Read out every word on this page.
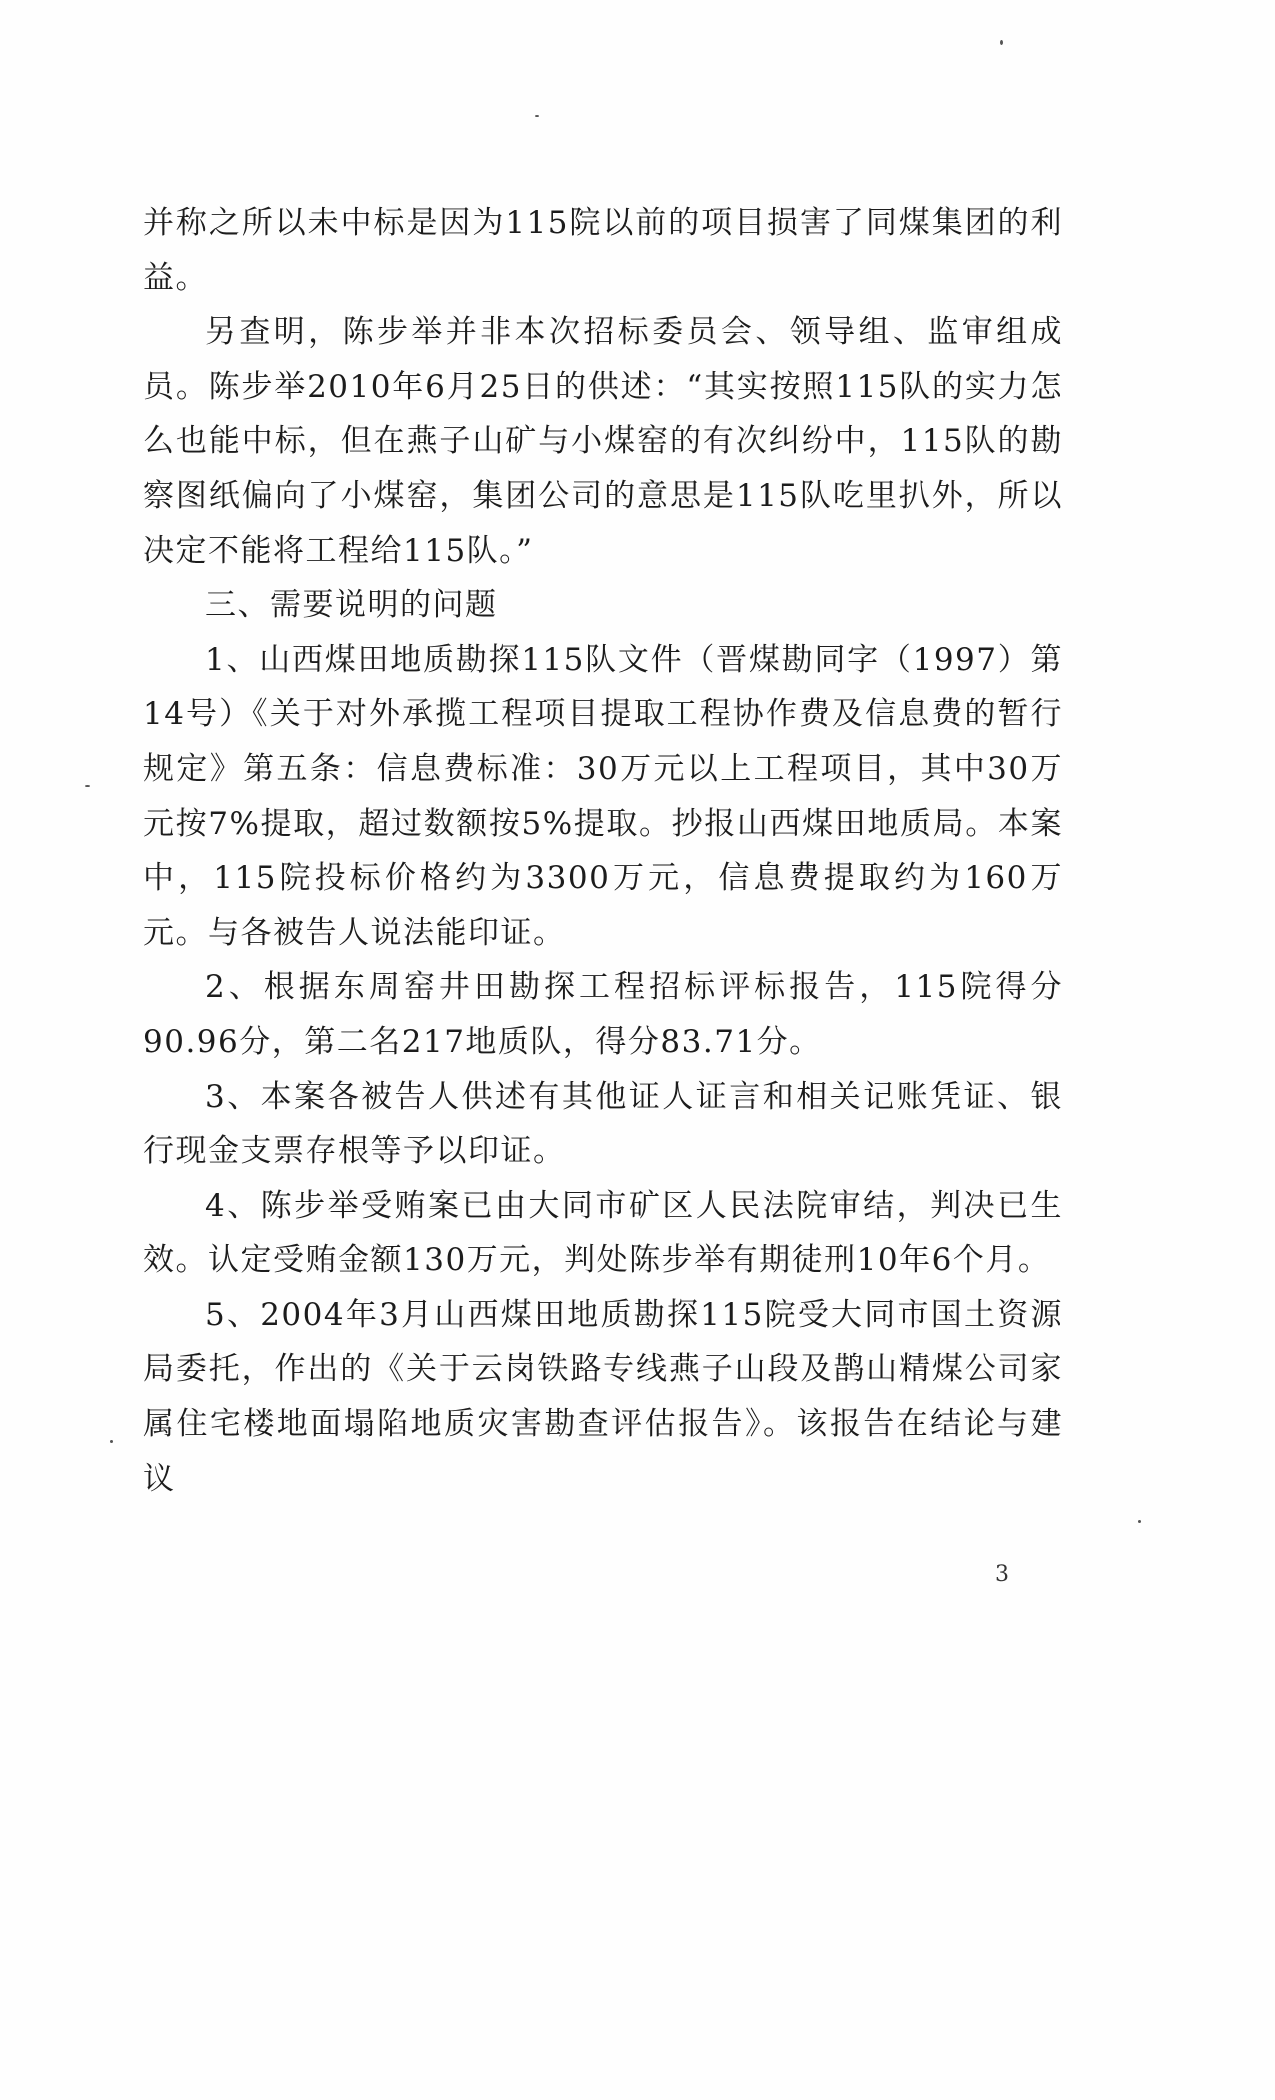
并称之所以未中标是因为115院以前的项目损害了同煤集团的利益。

另查明，陈步举并非本次招标委员会、领导组、监审组成员。陈步举2010年6月25日的供述：“其实按照115队的实力怎么也能中标，但在燕子山矿与小煤窑的有次纠纷中，115队的勘察图纸偏向了小煤窑，集团公司的意思是115队吃里扒外，所以决定不能将工程给115队。”

三、需要说明的问题

1、山西煤田地质勘探115队文件（晋煤勘同字（1997）第14号）《关于对外承揽工程项目提取工程协作费及信息费的暂行规定》第五条：信息费标准：30万元以上工程项目，其中30万元按7%提取，超过数额按5%提取。抄报山西煤田地质局。本案中，115院投标价格约为3300万元，信息费提取约为160万元。与各被告人说法能印证。

2、根据东周窑井田勘探工程招标评标报告，115院得分90.96分，第二名217地质队，得分83.71分。

3、本案各被告人供述有其他证人证言和相关记账凭证、银行现金支票存根等予以印证。

4、陈步举受贿案已由大同市矿区人民法院审结，判决已生效。认定受贿金额130万元，判处陈步举有期徒刑10年6个月。

5、2004年3月山西煤田地质勘探115院受大同市国土资源局委托，作出的《关于云岗铁路专线燕子山段及鹊山精煤公司家属住宅楼地面塌陷地质灾害勘查评估报告》。该报告在结论与建议

3
